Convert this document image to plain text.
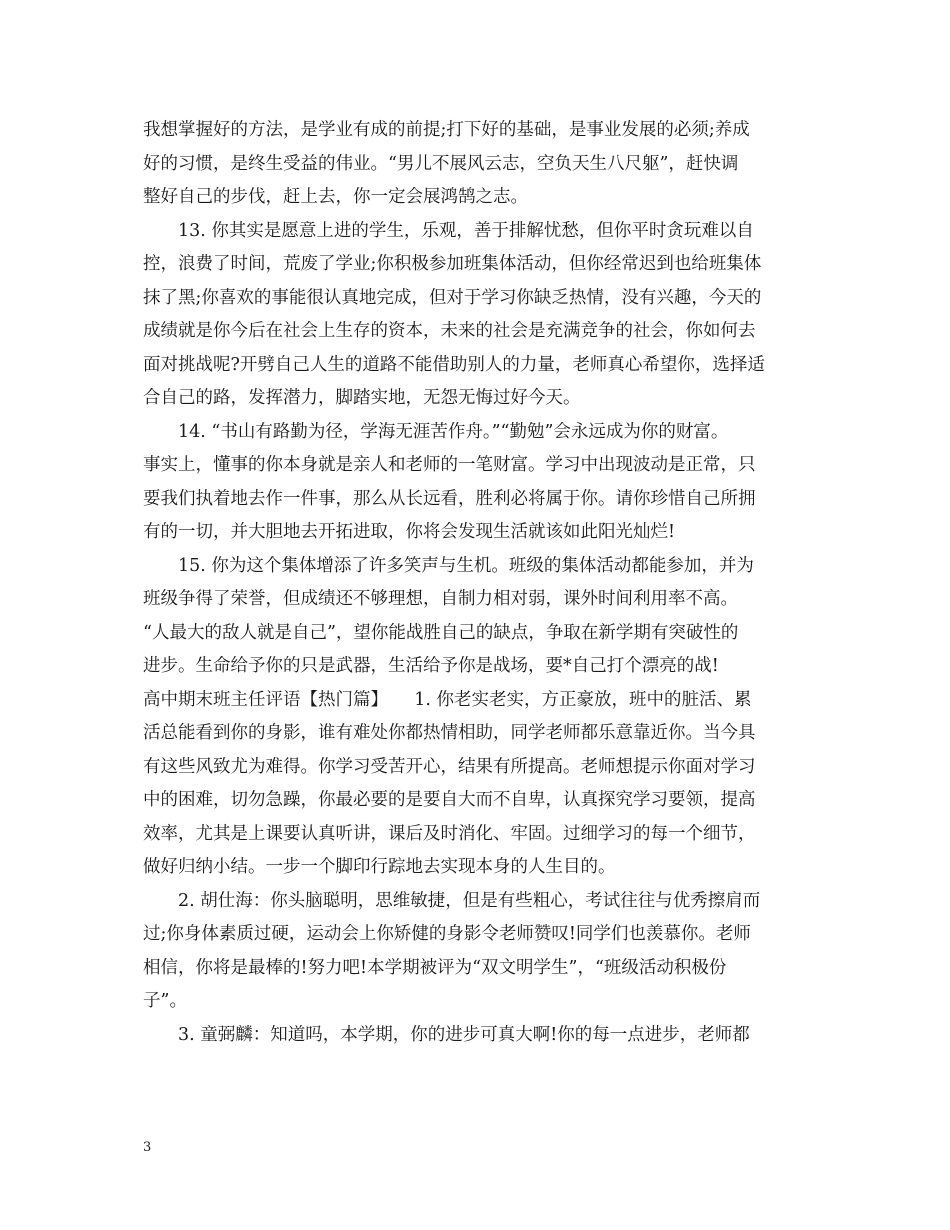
我想掌握好的方法，是学业有成的前提;打下好的基础，是事业发展的必须;养成
好的习惯，是终生受益的伟业。“男儿不展风云志，空负天生八尺躯”，赶快调
整好自己的步伐，赶上去，你一定会展鸿鹄之志。
　　13. 你其实是愿意上进的学生，乐观，善于排解忧愁，但你平时贪玩难以自
控，浪费了时间，荒废了学业;你积极参加班集体活动，但你经常迟到也给班集体
抹了黑;你喜欢的事能很认真地完成，但对于学习你缺乏热情，没有兴趣，今天的
成绩就是你今后在社会上生存的资本，未来的社会是充满竞争的社会，你如何去
面对挑战呢?开劈自己人生的道路不能借助别人的力量，老师真心希望你，选择适
合自己的路，发挥潜力，脚踏实地，无怨无悔过好今天。
　　14. “书山有路勤为径，学海无涯苦作舟。”“勤勉”会永远成为你的财富。
事实上，懂事的你本身就是亲人和老师的一笔财富。学习中出现波动是正常，只
要我们执着地去作一件事，那么从长远看，胜利必将属于你。请你珍惜自己所拥
有的一切，并大胆地去开拓进取，你将会发现生活就该如此阳光灿烂!
　　15. 你为这个集体增添了许多笑声与生机。班级的集体活动都能参加，并为
班级争得了荣誉，但成绩还不够理想，自制力相对弱，课外时间利用率不高。
“人最大的敌人就是自己”，望你能战胜自己的缺点，争取在新学期有突破性的
进步。生命给予你的只是武器，生活给予你是战场，要*自己打个漂亮的战!
高中期末班主任评语【热门篇】　　1. 你老实老实，方正豪放，班中的脏活、累
活总能看到你的身影，谁有难处你都热情相助，同学老师都乐意靠近你。当今具
有这些风致尤为难得。你学习受苦开心，结果有所提高。老师想提示你面对学习
中的困难，切勿急躁，你最必要的是要自大而不自卑，认真探究学习要领，提高
效率，尤其是上课要认真听讲，课后及时消化、牢固。过细学习的每一个细节，
做好归纳小结。一步一个脚印行踪地去实现本身的人生目的。
　　2. 胡仕海：你头脑聪明，思维敏捷，但是有些粗心，考试往往与优秀擦肩而
过;你身体素质过硬，运动会上你矫健的身影令老师赞叹!同学们也羡慕你。老师
相信，你将是最棒的!努力吧!本学期被评为“双文明学生”，“班级活动积极份
子”。
　　3. 童弼麟：知道吗，本学期，你的进步可真大啊!你的每一点进步，老师都
3
